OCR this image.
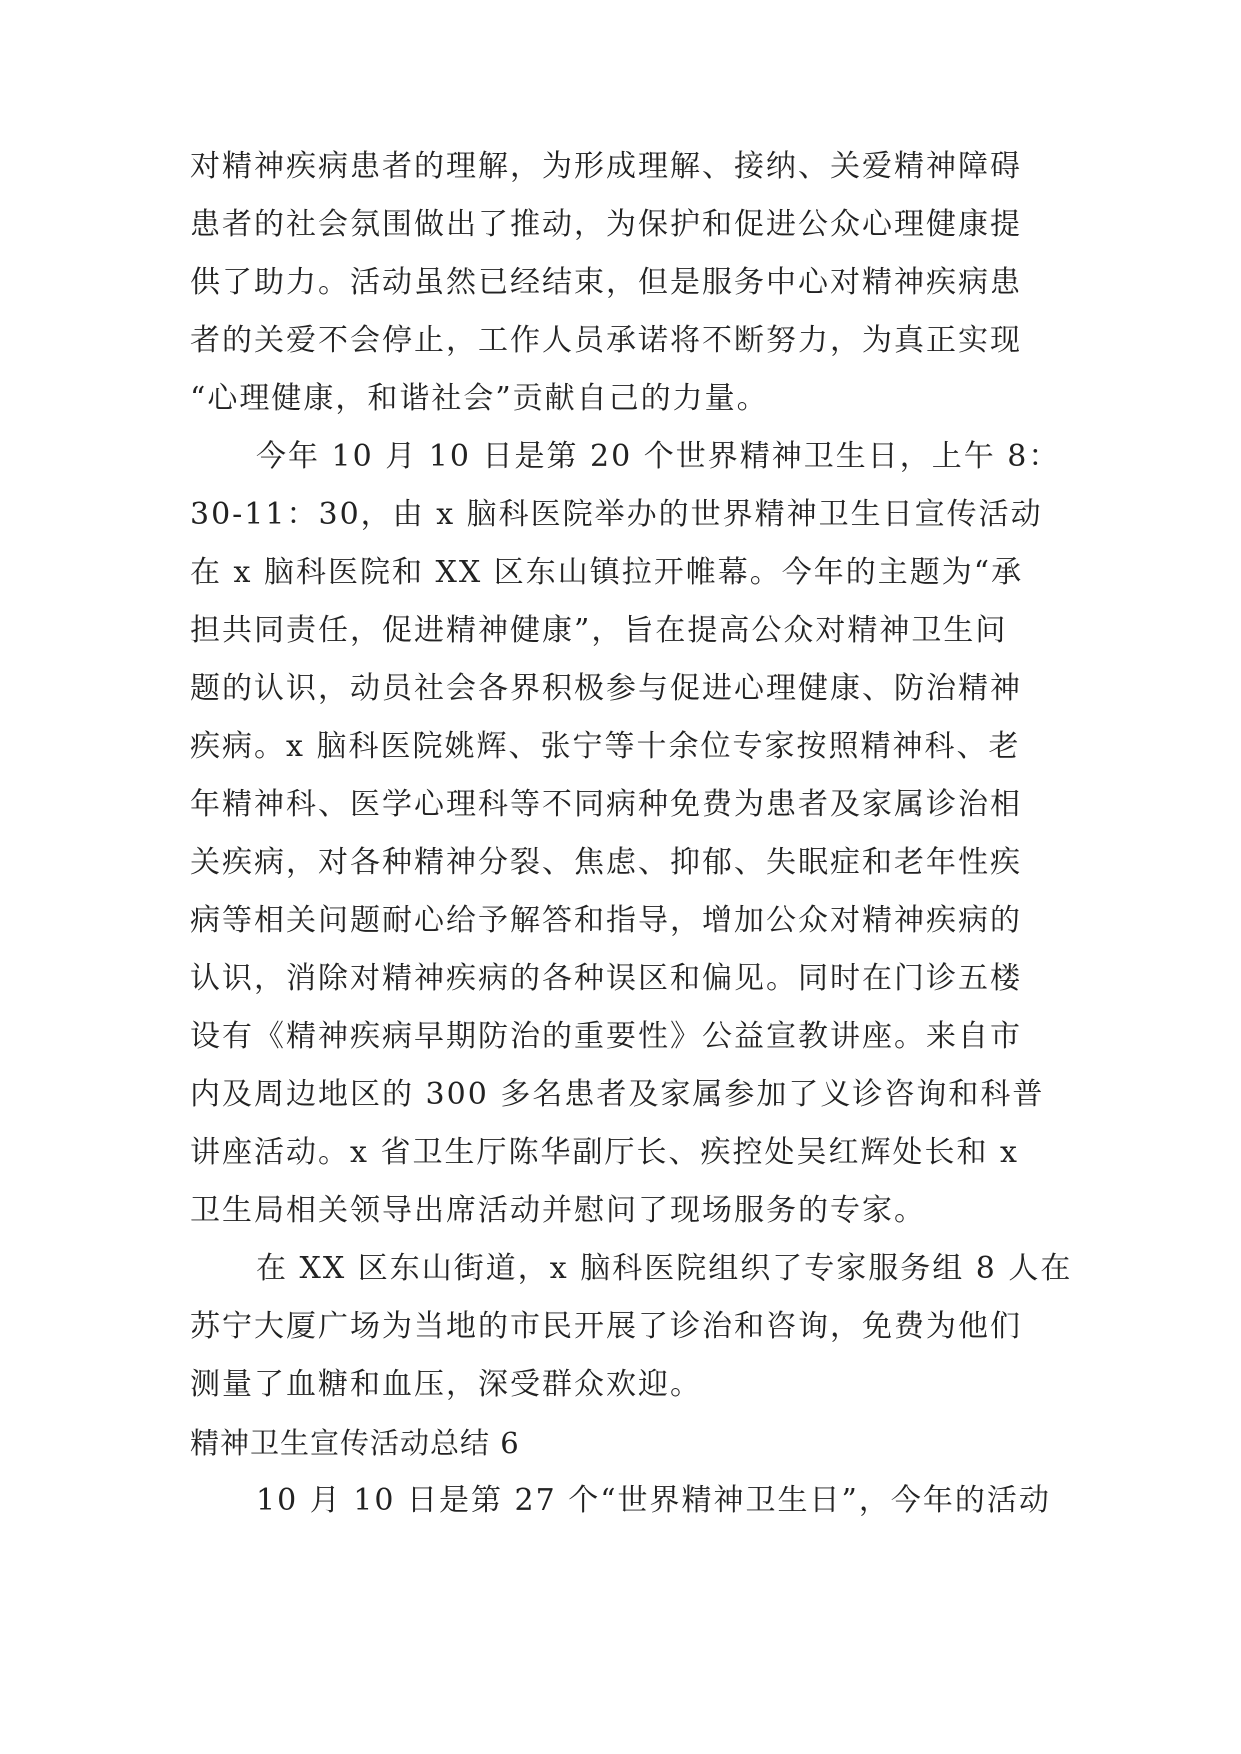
对精神疾病患者的理解，为形成理解、接纳、关爱精神障碍
患者的社会氛围做出了推动，为保护和促进公众心理健康提
供了助力。活动虽然已经结束，但是服务中心对精神疾病患
者的关爱不会停止，工作人员承诺将不断努力，为真正实现
“心理健康，和谐社会”贡献自己的力量。
今年 10 月 10 日是第 20 个世界精神卫生日，上午 8：
30-11：30，由 x 脑科医院举办的世界精神卫生日宣传活动
在 x 脑科医院和 XX 区东山镇拉开帷幕。今年的主题为“承
担共同责任，促进精神健康”，旨在提高公众对精神卫生问
题的认识，动员社会各界积极参与促进心理健康、防治精神
疾病。x 脑科医院姚辉、张宁等十余位专家按照精神科、老
年精神科、医学心理科等不同病种免费为患者及家属诊治相
关疾病，对各种精神分裂、焦虑、抑郁、失眠症和老年性疾
病等相关问题耐心给予解答和指导，增加公众对精神疾病的
认识，消除对精神疾病的各种误区和偏见。同时在门诊五楼
设有《精神疾病早期防治的重要性》公益宣教讲座。来自市
内及周边地区的 300 多名患者及家属参加了义诊咨询和科普
讲座活动。x 省卫生厅陈华副厅长、疾控处吴红辉处长和 x
卫生局相关领导出席活动并慰问了现场服务的专家。
在 XX 区东山街道，x 脑科医院组织了专家服务组 8 人在
苏宁大厦广场为当地的市民开展了诊治和咨询，免费为他们
测量了血糖和血压，深受群众欢迎。
精神卫生宣传活动总结 6
10 月 10 日是第 27 个“世界精神卫生日”，今年的活动
